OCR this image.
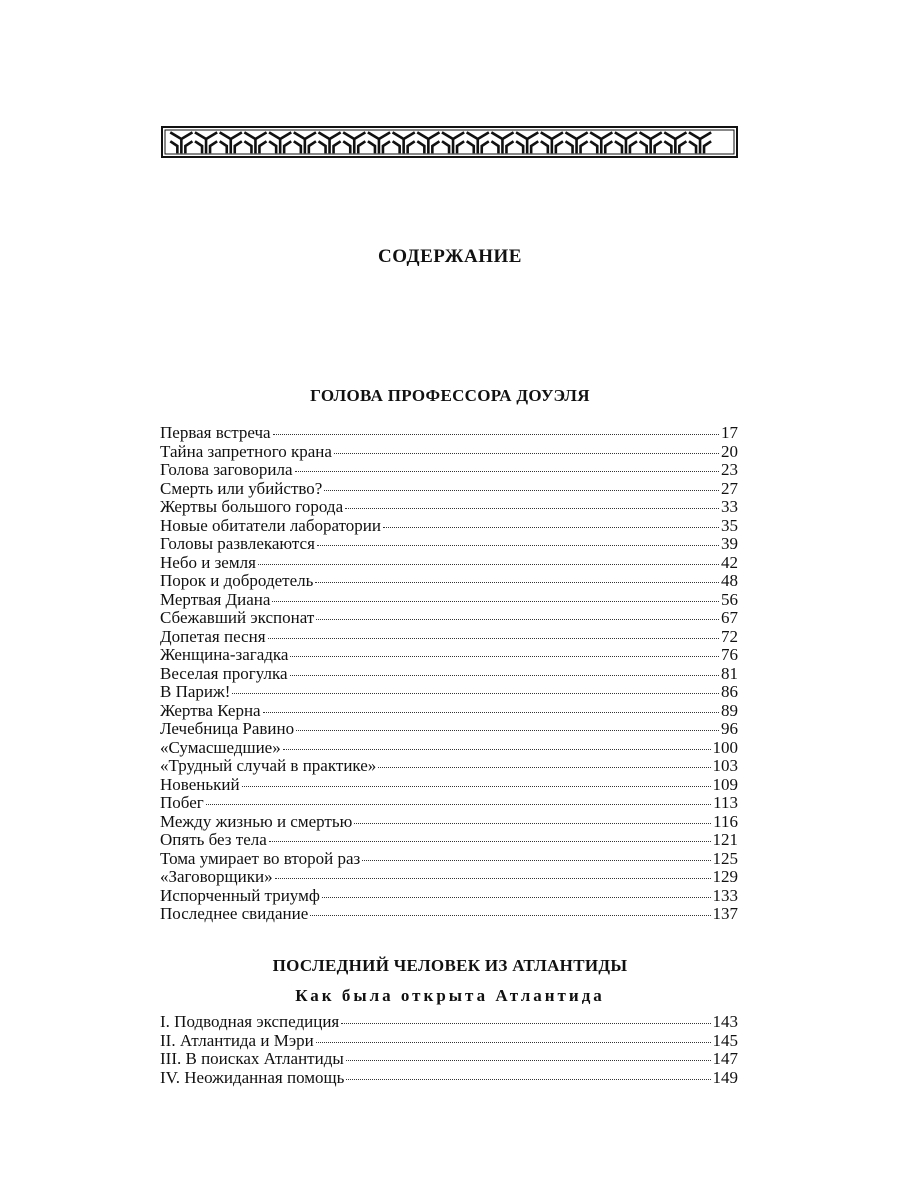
СОДЕРЖАНИЕ
ГОЛОВА ПРОФЕССОРА ДОУЭЛЯ
Первая встреча	17
Тайна запретного крана	20
Голова заговорила	23
Смерть или убийство?	27
Жертвы большого города	33
Новые обитатели лаборатории	35
Головы развлекаются	39
Небо и земля	42
Порок и добродетель	48
Мертвая Диана	56
Сбежавший экспонат	67
Допетая песня	72
Женщина-загадка	76
Веселая прогулка	81
В Париж!	86
Жертва Керна	89
Лечебница Равино	96
«Сумасшедшие»	100
«Трудный случай в практике»	103
Новенький	109
Побег	113
Между жизнью и смертью	116
Опять без тела	121
Тома умирает во второй раз	125
«Заговорщики»	129
Испорченный триумф	133
Последнее свидание	137
ПОСЛЕДНИЙ ЧЕЛОВЕК ИЗ АТЛАНТИДЫ
Как была открыта Атлантида
I. Подводная экспедиция	143
II. Атлантида и Мэри	145
III. В поисках Атлантиды	147
IV. Неожиданная помощь	149
